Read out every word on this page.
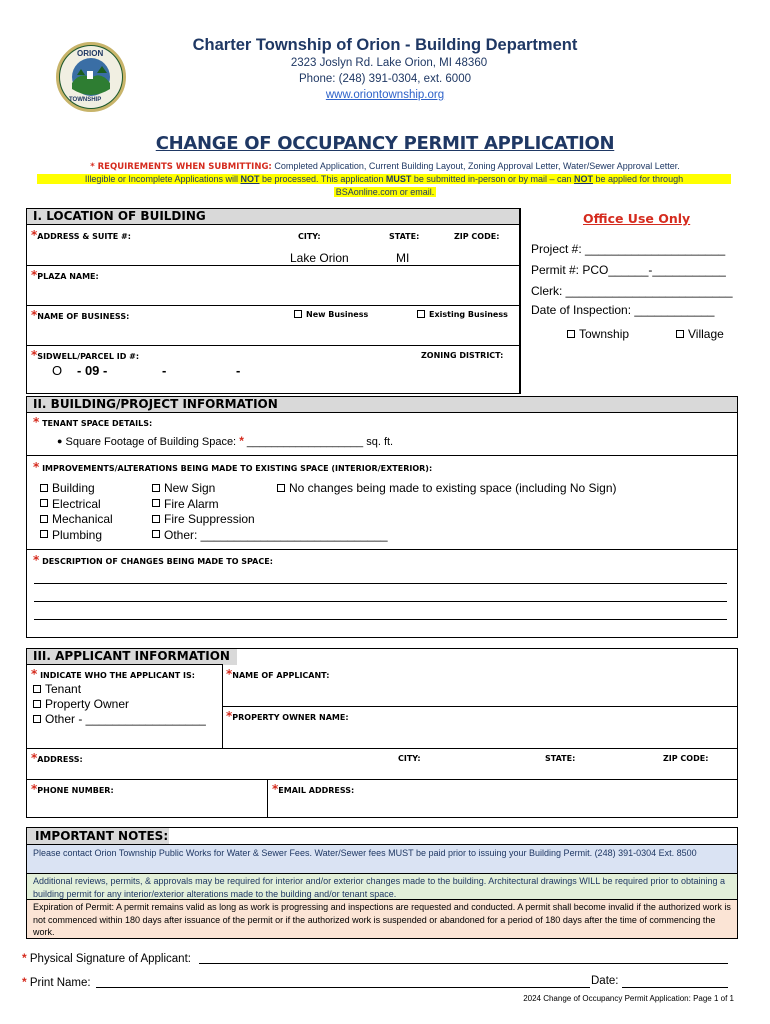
ORION
TOWNSHIP
Charter Township of Orion - Building Department
2323 Joslyn Rd. Lake Orion, MI 48360
Phone: (248) 391-0304, ext. 6000
www.oriontownship.org
CHANGE OF OCCUPANCY PERMIT APPLICATION
* REQUIREMENTS WHEN SUBMITTING: Completed Application, Current Building Layout, Zoning Approval Letter, Water/Sewer Approval Letter.
Illegible or Incomplete Applications will NOT be processed. This application MUST be submitted in-person or by mail – can NOT be applied for through
BSAonline.com or email.
I. LOCATION OF BUILDING
*ADDRESS & SUITE #:	CITY:	STATE:	ZIP CODE:
Lake Orion	MI
*PLAZA NAME:
*NAME OF BUSINESS:	New Business	Existing Business
*SIDWELL/PARCEL ID #:	ZONING DISTRICT:
O - 09 -	-	-
Office Use Only
Project #: _____________________
Permit #: PCO______-___________
Clerk: _________________________
Date of Inspection: ____________
Township	Village
II. BUILDING/PROJECT INFORMATION
* TENANT SPACE DETAILS:
● Square Footage of Building Space: * ___________________ sq. ft.
* IMPROVEMENTS/ALTERATIONS BEING MADE TO EXISTING SPACE (INTERIOR/EXTERIOR):
Building
Electrical
Mechanical
Plumbing
New Sign
Fire Alarm
Fire Suppression
Other: ____________________________
No changes being made to existing space (including No Sign)
* DESCRIPTION OF CHANGES BEING MADE TO SPACE:
III. APPLICANT INFORMATION
* INDICATE WHO THE APPLICANT IS:
Tenant
Property Owner
Other - __________________
*NAME OF APPLICANT:
*PROPERTY OWNER NAME:
*ADDRESS:	CITY:	STATE:	ZIP CODE:
*PHONE NUMBER:	*EMAIL ADDRESS:
IMPORTANT NOTES:
Please contact Orion Township Public Works for Water & Sewer Fees. Water/Sewer fees MUST be paid prior to issuing your Building Permit. (248) 391-0304 Ext. 8500
Additional reviews, permits, & approvals may be required for interior and/or exterior changes made to the building. Architectural drawings WILL be required prior to obtaining a building permit for any interior/exterior alterations made to the building and/or tenant space.
Expiration of Permit: A permit remains valid as long as work is progressing and inspections are requested and conducted. A permit shall become invalid if the authorized work is not commenced within 180 days after issuance of the permit or if the authorized work is suspended or abandoned for a period of 180 days after the time of commencing the work.
* Physical Signature of Applicant:
* Print Name:	Date:
2024 Change of Occupancy Permit Application: Page 1 of 1
